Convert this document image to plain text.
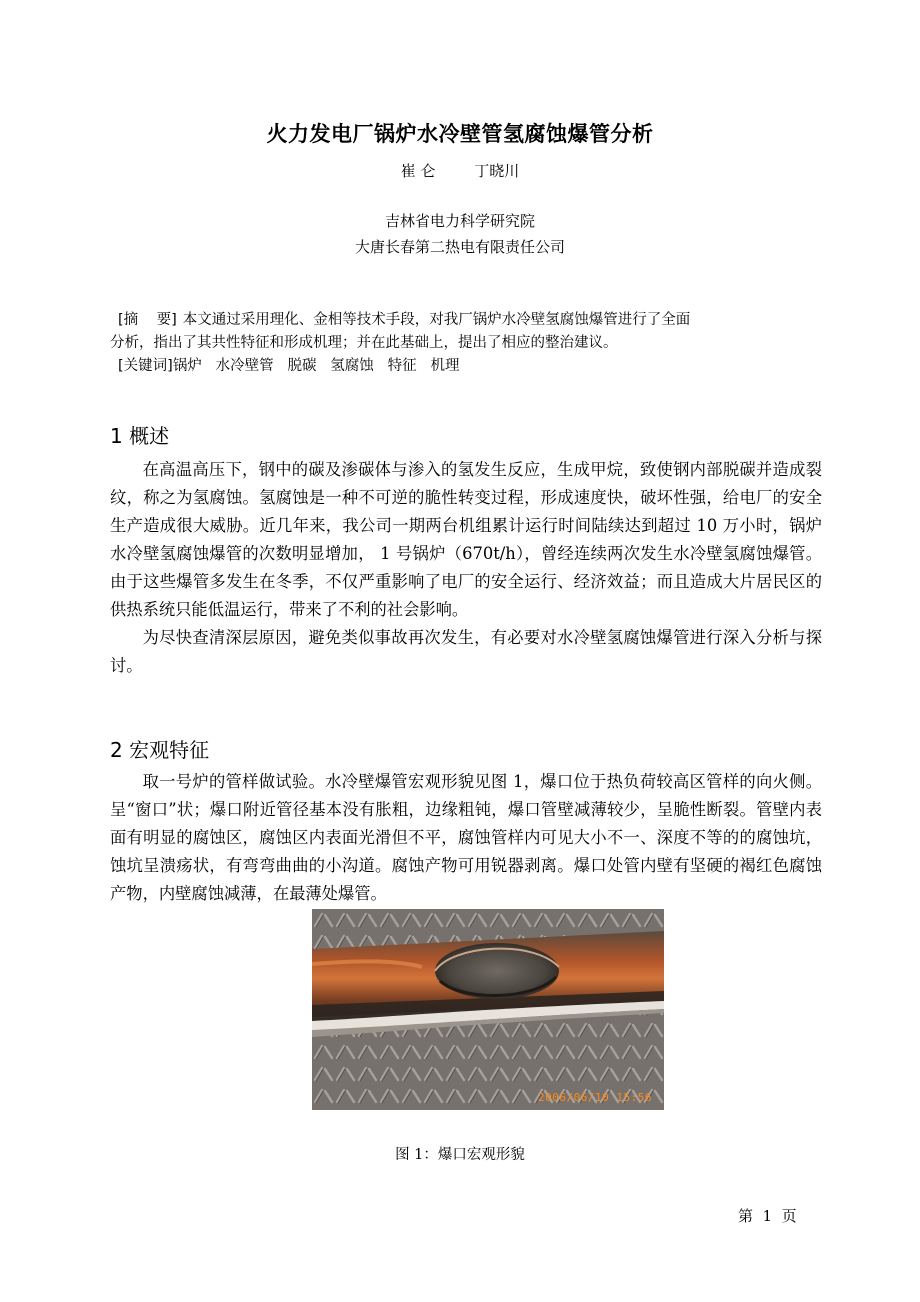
火力发电厂锅炉水冷壁管氢腐蚀爆管分析
崔 仑	丁晓川
吉林省电力科学研究院
大唐长春第二热电有限责任公司
[摘    要] 本文通过采用理化、金相等技术手段，对我厂锅炉水冷壁氢腐蚀爆管进行了全面
分析，指出了其共性特征和形成机理；并在此基础上，提出了相应的整治建议。
[关键词]锅炉   水冷壁管   脱碳   氢腐蚀   特征   机理
1 概述

在高温高压下，钢中的碳及渗碳体与渗入的氢发生反应，生成甲烷，致使钢内部脱碳并造成裂纹，称之为氢腐蚀。氢腐蚀是一种不可逆的脆性转变过程，形成速度快，破坏性强，给电厂的安全生产造成很大威胁。近几年来，我公司一期两台机组累计运行时间陆续达到超过 10 万小时，锅炉水冷壁氢腐蚀爆管的次数明显增加， 1 号锅炉（670t/h），曾经连续两次发生水冷壁氢腐蚀爆管。由于这些爆管多发生在冬季，不仅严重影响了电厂的安全运行、经济效益；而且造成大片居民区的供热系统只能低温运行，带来了不利的社会影响。

为尽快查清深层原因，避免类似事故再次发生，有必要对水冷壁氢腐蚀爆管进行深入分析与探讨。

2 宏观特征

取一号炉的管样做试验。水冷壁爆管宏观形貌见图 1，爆口位于热负荷较高区管样的向火侧。呈“窗口”状；爆口附近管径基本没有胀粗，边缘粗钝，爆口管壁减薄较少，呈脆性断裂。管壁内表面有明显的腐蚀区，腐蚀区内表面光滑但不平，腐蚀管样内可见大小不一、深度不等的的腐蚀坑，蚀坑呈溃疡状，有弯弯曲曲的小沟道。腐蚀产物可用锐器剥离。爆口处管内壁有坚硬的褐红色腐蚀产物，内壁腐蚀减薄，在最薄处爆管。

2006/06/10 15:56
图 1：爆口宏观形貌
第  1  页
